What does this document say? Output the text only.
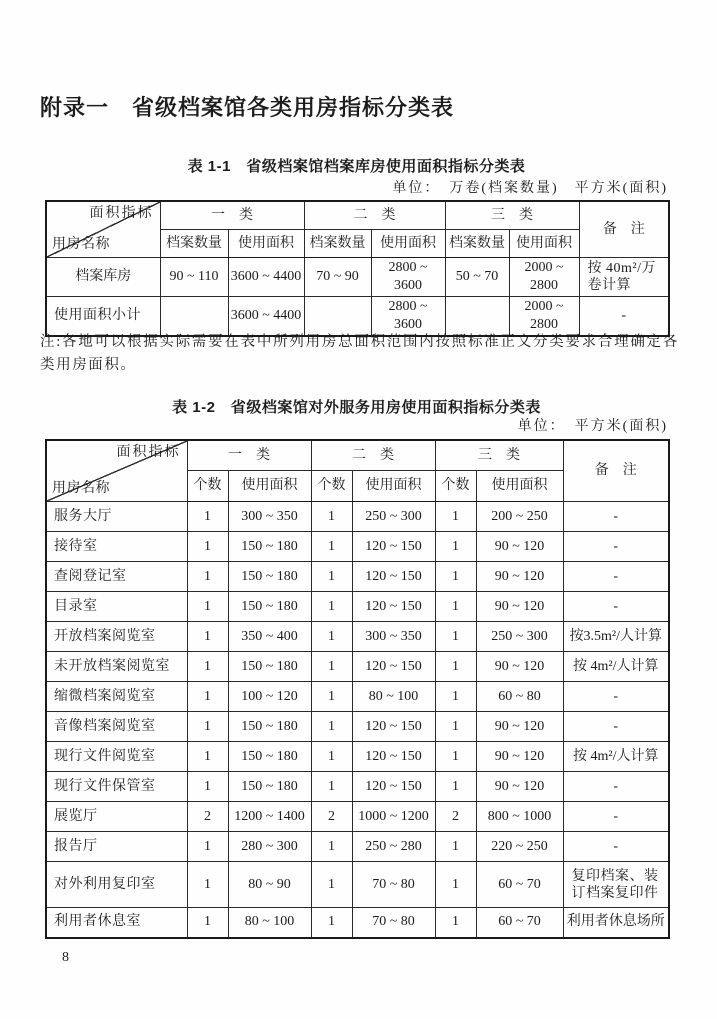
附录一　省级档案馆各类用房指标分类表
表 1-1　省级档案馆档案库房使用面积指标分类表
单位：　万卷(档案数量)　平方米(面积)
面积指标
用房名称	一　类		二　类		三　类		备　注
	档案数量	使用面积	档案数量	使用面积	档案数量	使用面积	
档案库房	90 ~ 110	3600 ~ 4400	70 ~ 90	2800 ~ 3600	50 ~ 70	2000 ~ 2800	按 40m²/万卷计算
使用面积小计		3600 ~ 4400		2800 ~ 3600		2000 ~ 2800	-
注:各地可以根据实际需要在表中所列用房总面积范围内按照标准正文分类要求合理确定各类用房面积。
表 1-2　省级档案馆对外服务用房使用面积指标分类表
单位：　平方米(面积)
面积指标
用房名称	一　类		二　类		三　类		备　注
	个数	使用面积	个数	使用面积	个数	使用面积	
服务大厅	1	300 ~ 350	1	250 ~ 300	1	200 ~ 250	-
接待室	1	150 ~ 180	1	120 ~ 150	1	90 ~ 120	-
查阅登记室	1	150 ~ 180	1	120 ~ 150	1	90 ~ 120	-
目录室	1	150 ~ 180	1	120 ~ 150	1	90 ~ 120	-
开放档案阅览室	1	350 ~ 400	1	300 ~ 350	1	250 ~ 300	按3.5m²/人计算
未开放档案阅览室	1	150 ~ 180	1	120 ~ 150	1	90 ~ 120	按 4m²/人计算
缩微档案阅览室	1	100 ~ 120	1	80 ~ 100	1	60 ~ 80	-
音像档案阅览室	1	150 ~ 180	1	120 ~ 150	1	90 ~ 120	-
现行文件阅览室	1	150 ~ 180	1	120 ~ 150	1	90 ~ 120	按 4m²/人计算
现行文件保管室	1	150 ~ 180	1	120 ~ 150	1	90 ~ 120	-
展览厅	2	1200 ~ 1400	2	1000 ~ 1200	2	800 ~ 1000	-
报告厅	1	280 ~ 300	1	250 ~ 280	1	220 ~ 250	-
对外利用复印室	1	80 ~ 90	1	70 ~ 80	1	60 ~ 70	复印档案、装订档案复印件
利用者休息室	1	80 ~ 100	1	70 ~ 80	1	60 ~ 70	利用者休息场所
8
